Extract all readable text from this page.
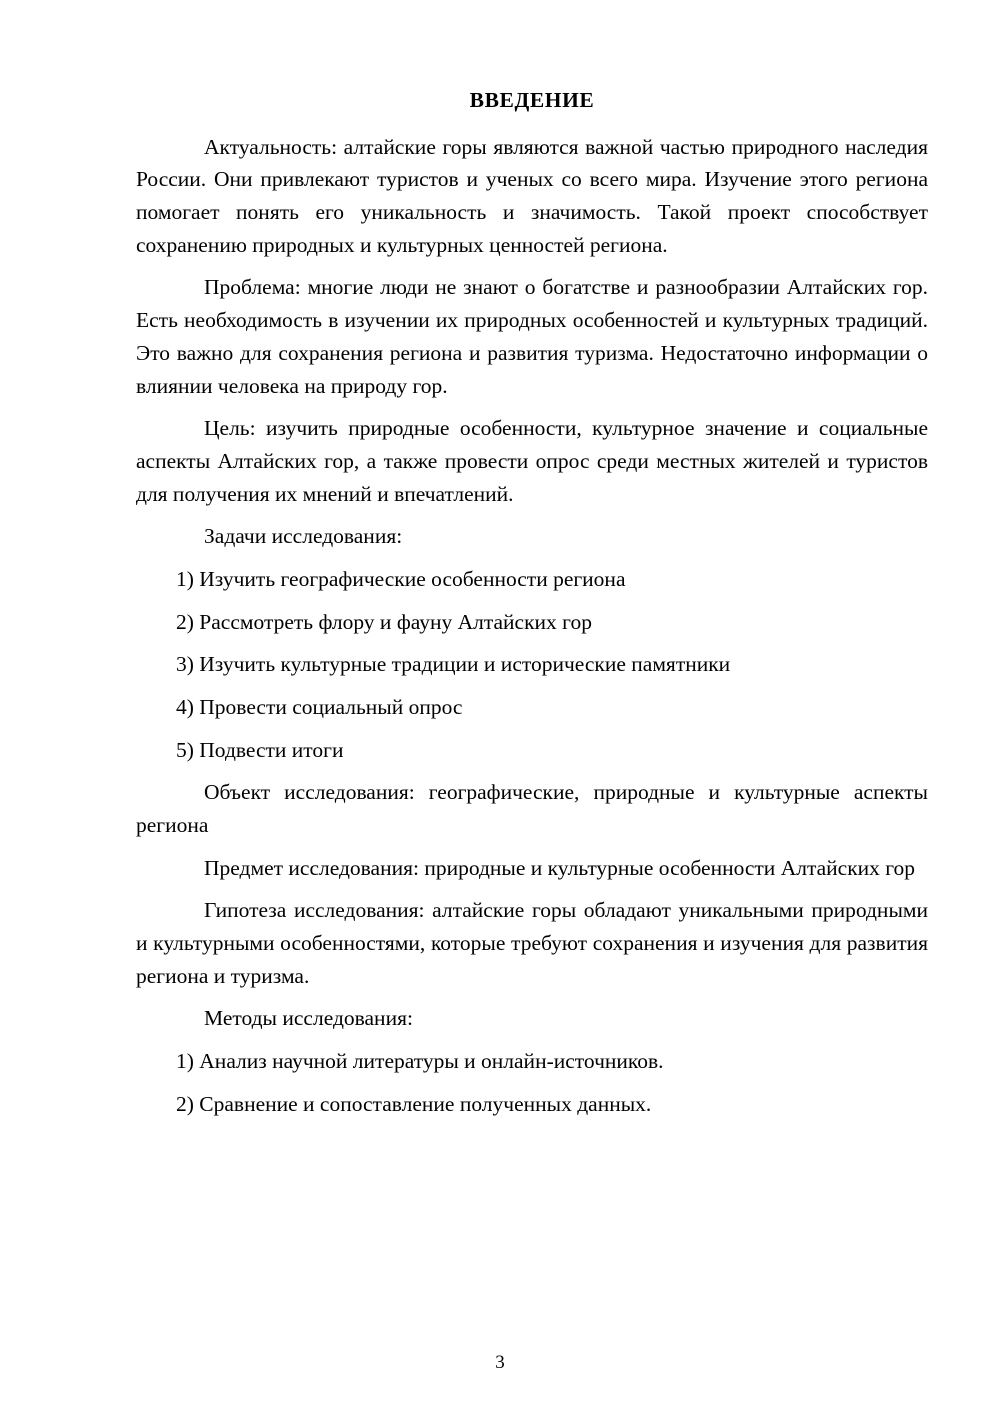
ВВЕДЕНИЕ

Актуальность: алтайские горы являются важной частью природного наследия России. Они привлекают туристов и ученых со всего мира. Изучение этого региона помогает понять его уникальность и значимость. Такой проект способствует сохранению природных и культурных ценностей региона.

Проблема: многие люди не знают о богатстве и разнообразии Алтайских гор. Есть необходимость в изучении их природных особенностей и культурных традиций. Это важно для сохранения региона и развития туризма. Недостаточно информации о влиянии человека на природу гор.

Цель: изучить природные особенности, культурное значение и социальные аспекты Алтайских гор, а также провести опрос среди местных жителей и туристов для получения их мнений и впечатлений.

Задачи исследования:

1) Изучить географические особенности региона

2) Рассмотреть флору и фауну Алтайских гор

3) Изучить культурные традиции и исторические памятники

4) Провести социальный опрос

5) Подвести итоги

Объект исследования: географические, природные и культурные аспекты региона

Предмет исследования: природные и культурные особенности Алтайских гор

Гипотеза исследования: алтайские горы обладают уникальными природными и культурными особенностями, которые требуют сохранения и изучения для развития региона и туризма.

Методы исследования:

1) Анализ научной литературы и онлайн-источников.

2) Сравнение и сопоставление полученных данных.

3
